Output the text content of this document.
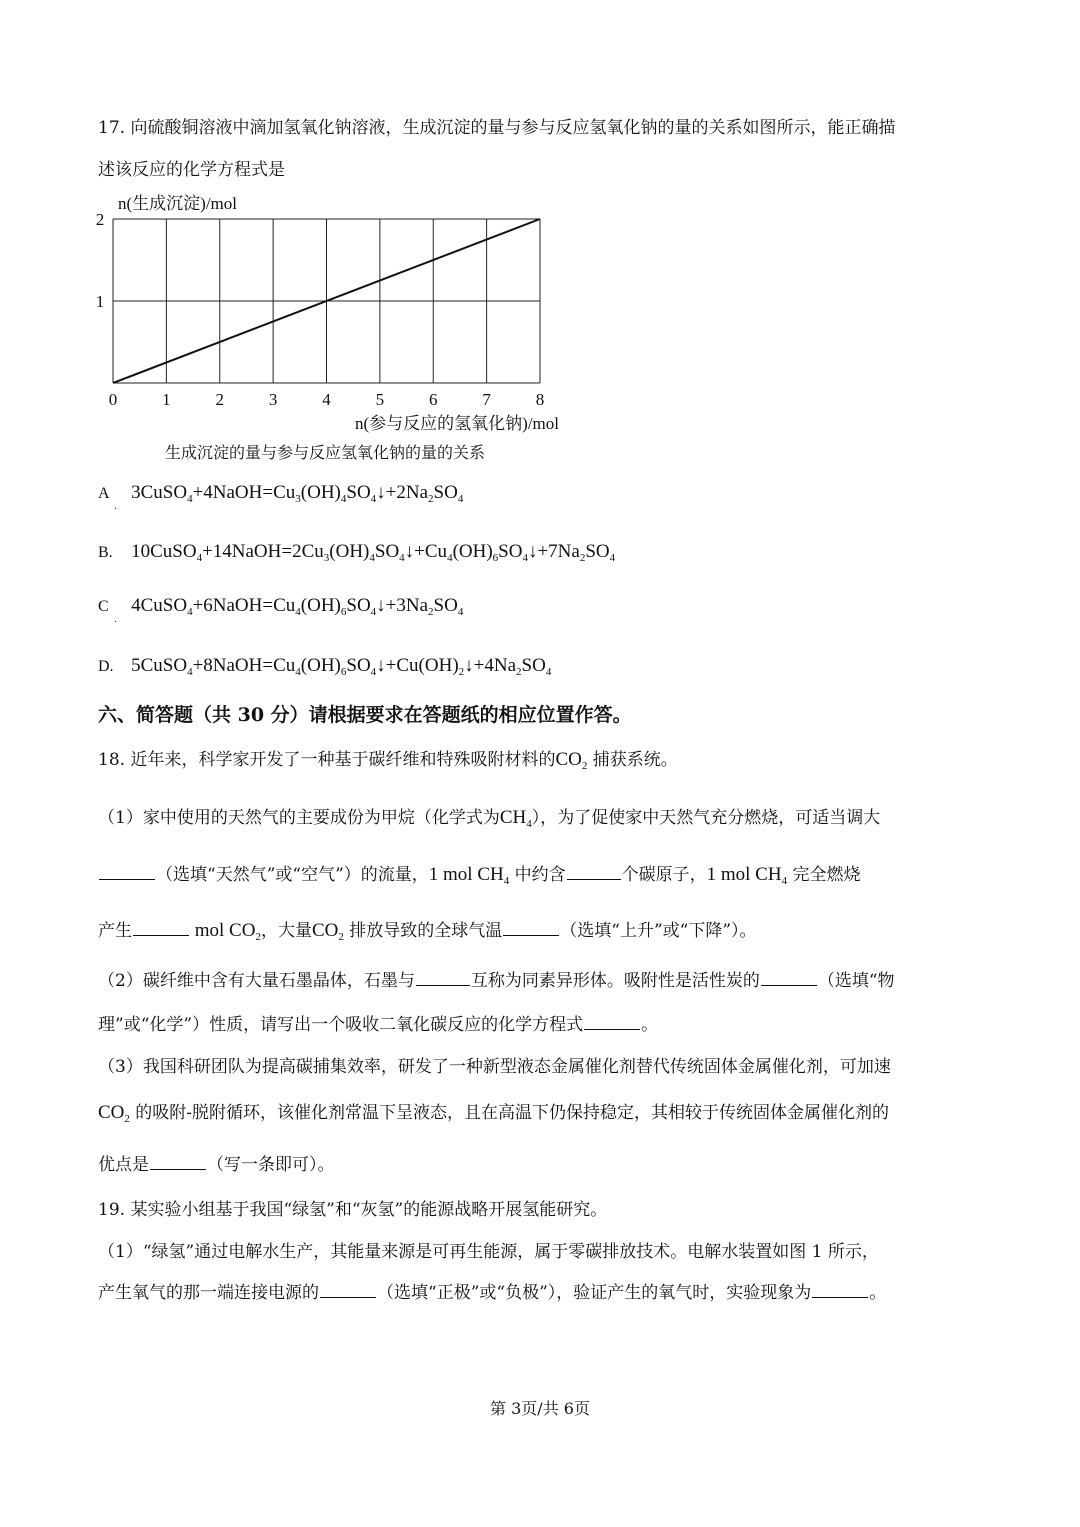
17. 向硫酸铜溶液中滴加氢氧化钠溶液，生成沉淀的量与参与反应氢氧化钠的量的关系如图所示，能正确描
述该反应的化学方程式是
0	1	2	3	4	5	6	7	8
1
2
n(生成沉淀)/mol
n(参与反应的氢氧化钠)/mol
生成沉淀的量与参与反应氢氧化钠的量的关系
A
·
$3CuSO_4+4NaOH=Cu_3(OH)_4SO_4↓+2Na_2SO_4$
B. $10CuSO_4+14NaOH=2Cu_3(OH)_4SO_4↓+Cu_4(OH)_6SO_4↓+7Na_2SO_4$
C
·
$4CuSO_4+6NaOH=Cu_4(OH)_6SO_4↓+3Na_2SO_4$
D. $5CuSO_4+8NaOH=Cu_4(OH)_6SO_4↓+Cu(OH)_2↓+4Na_2SO_4$
六、简答题（共 30 分）请根据要求在答题纸的相应位置作答。
18. 近年来，科学家开发了一种基于碳纤维和特殊吸附材料的$CO_2$ 捕获系统。
（1）家中使用的天然气的主要成份为甲烷（化学式为$CH_4$），为了促使家中天然气充分燃烧，可适当调大
（选填“天然气”或“空气”）的流量，1 mol $CH_4$ 中约含	个碳原子，1 mol $CH_4$ 完全燃烧
产生	mol $CO_2$，大量$CO_2$ 排放导致的全球气温	（选填“上升”或“下降”）。
（2）碳纤维中含有大量石墨晶体，石墨与	互称为同素异形体。吸附性是活性炭的	（选填“物
理”或“化学”）性质，请写出一个吸收二氧化碳反应的化学方程式	。
（3）我国科研团队为提高碳捕集效率，研发了一种新型液态金属催化剂替代传统固体金属催化剂，可加速
$CO_2$ 的吸附-脱附循环，该催化剂常温下呈液态，且在高温下仍保持稳定，其相较于传统固体金属催化剂的
优点是	（写一条即可）。
19. 某实验小组基于我国“绿氢”和“灰氢”的能源战略开展氢能研究。
（1）“绿氢”通过电解水生产，其能量来源是可再生能源，属于零碳排放技术。电解水装置如图 1 所示，
产生氧气的那一端连接电源的	（选填“正极”或“负极”），验证产生的氧气时，实验现象为	。
第 3页/共 6页
